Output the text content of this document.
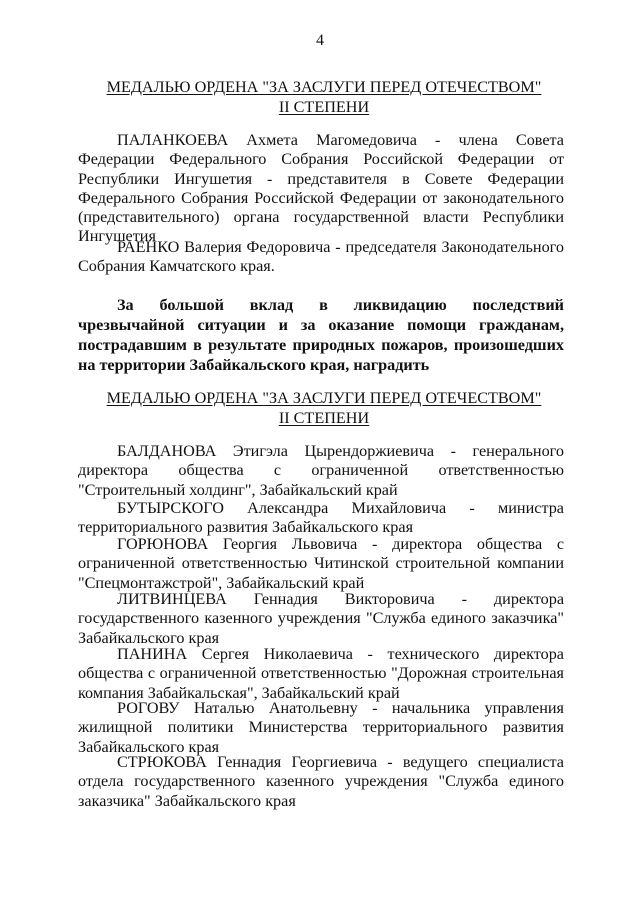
4
МЕДАЛЬЮ ОРДЕНА "ЗА ЗАСЛУГИ ПЕРЕД ОТЕЧЕСТВОМ"
II СТЕПЕНИ

ПАЛАНКОЕВА Ахмета Магомедовича - члена Совета Федерации Федерального Собрания Российской Федерации от Республики Ингушетия - представителя в Совете Федерации Федерального Собрания Российской Федерации от законодательного (представительного) органа государственной власти Республики Ингушетия

РАЕНКО Валерия Федоровича - председателя Законодательного Собрания Камчатского края.

За большой вклад в ликвидацию последствий чрезвычайной ситуации и за оказание помощи гражданам, пострадавшим в результате природных пожаров, произошедших на территории Забайкальского края, наградить

МЕДАЛЬЮ ОРДЕНА "ЗА ЗАСЛУГИ ПЕРЕД ОТЕЧЕСТВОМ"
II СТЕПЕНИ

БАЛДАНОВА Этигэла Цырендоржиевича - генерального директора общества с ограниченной ответственностью "Строительный холдинг", Забайкальский край

БУТЫРСКОГО Александра Михайловича - министра территориального развития Забайкальского края

ГОРЮНОВА Георгия Львовича - директора общества с ограниченной ответственностью Читинской строительной компании "Спецмонтажстрой", Забайкальский край

ЛИТВИНЦЕВА Геннадия Викторовича - директора государственного казенного учреждения "Служба единого заказчика" Забайкальского края

ПАНИНА Сергея Николаевича - технического директора общества с ограниченной ответственностью "Дорожная строительная компания Забайкальская", Забайкальский край

РОГОВУ Наталью Анатольевну - начальника управления жилищной политики Министерства территориального развития Забайкальского края

СТРЮКОВА Геннадия Георгиевича - ведущего специалиста отдела государственного казенного учреждения "Служба единого заказчика" Забайкальского края
